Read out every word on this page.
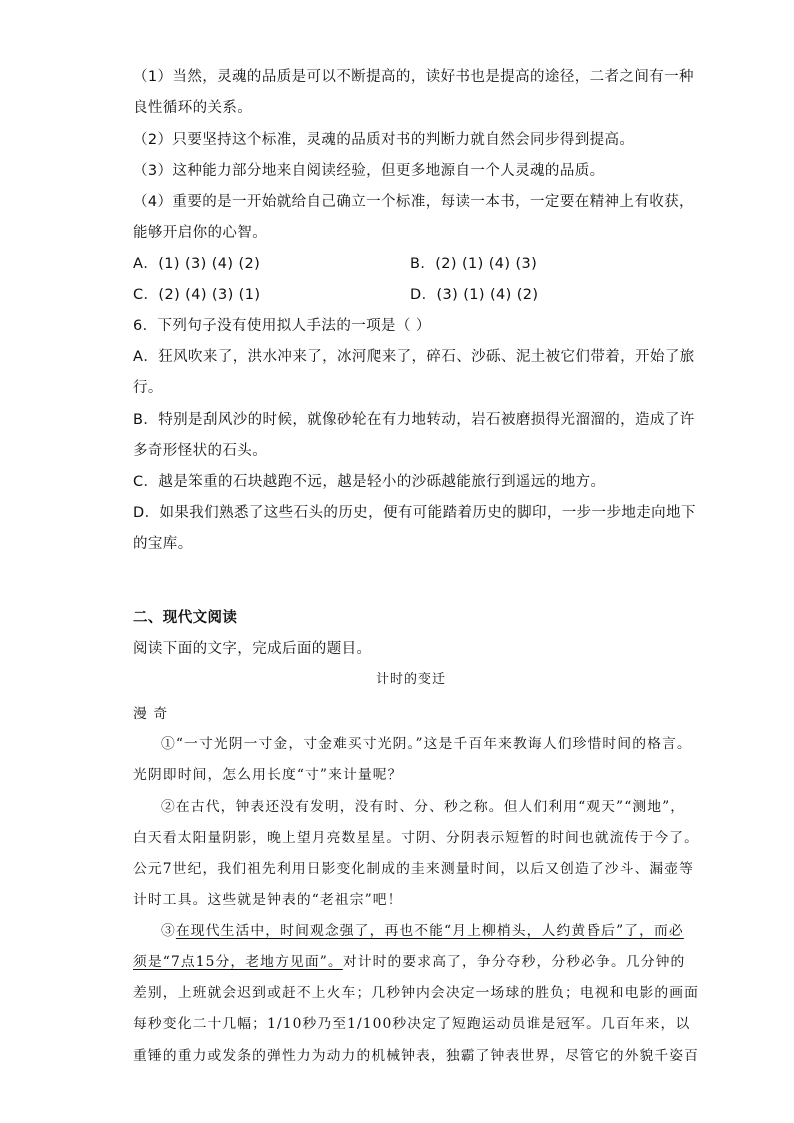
（1）当然，灵魂的品质是可以不断提高的，读好书也是提高的途径，二者之间有一种
良性循环的关系。
（2）只要坚持这个标准，灵魂的品质对书的判断力就自然会同步得到提高。
（3）这种能力部分地来自阅读经验，但更多地源自一个人灵魂的品质。
（4）重要的是一开始就给自己确立一个标准，每读一本书，一定要在精神上有收获，
能够开启你的心智。
A．(1) (3) (4) (2)	B．(2) (1) (4) (3)
C．(2) (4) (3) (1)	D．(3) (1) (4) (2)
6．下列句子没有使用拟人手法的一项是（ ）
A．狂风吹来了，洪水冲来了，冰河爬来了，碎石、沙砾、泥土被它们带着，开始了旅
行。
B．特别是刮风沙的时候，就像砂轮在有力地转动，岩石被磨损得光溜溜的，造成了许
多奇形怪状的石头。
C．越是笨重的石块越跑不远，越是轻小的沙砾越能旅行到遥远的地方。
D．如果我们熟悉了这些石头的历史，便有可能踏着历史的脚印，一步一步地走向地下
的宝库。
二、现代文阅读
阅读下面的文字，完成后面的题目。
计时的变迁
漫 奇
①“一寸光阴一寸金，寸金难买寸光阴。”这是千百年来教诲人们珍惜时间的格言。
光阴即时间，怎么用长度“寸”来计量呢？
②在古代，钟表还没有发明，没有时、分、秒之称。但人们利用“观天”“测地”，
白天看太阳量阴影，晚上望月亮数星星。寸阴、分阴表示短暂的时间也就流传于今了。
公元7世纪，我们祖先利用日影变化制成的圭来测量时间，以后又创造了沙斗、漏壶等
计时工具。这些就是钟表的“老祖宗”吧！
③在现代生活中，时间观念强了，再也不能“月上柳梢头，人约黄昏后”了，而必
须是“7点15分，老地方见面”。对计时的要求高了，争分夺秒，分秒必争。几分钟的
差别，上班就会迟到或赶不上火车；几秒钟内会决定一场球的胜负；电视和电影的画面
每秒变化二十几幅；1/10秒乃至1/100秒决定了短跑运动员谁是冠军。几百年来，以
重锤的重力或发条的弹性力为动力的机械钟表，独霸了钟表世界，尽管它的外貌千姿百
